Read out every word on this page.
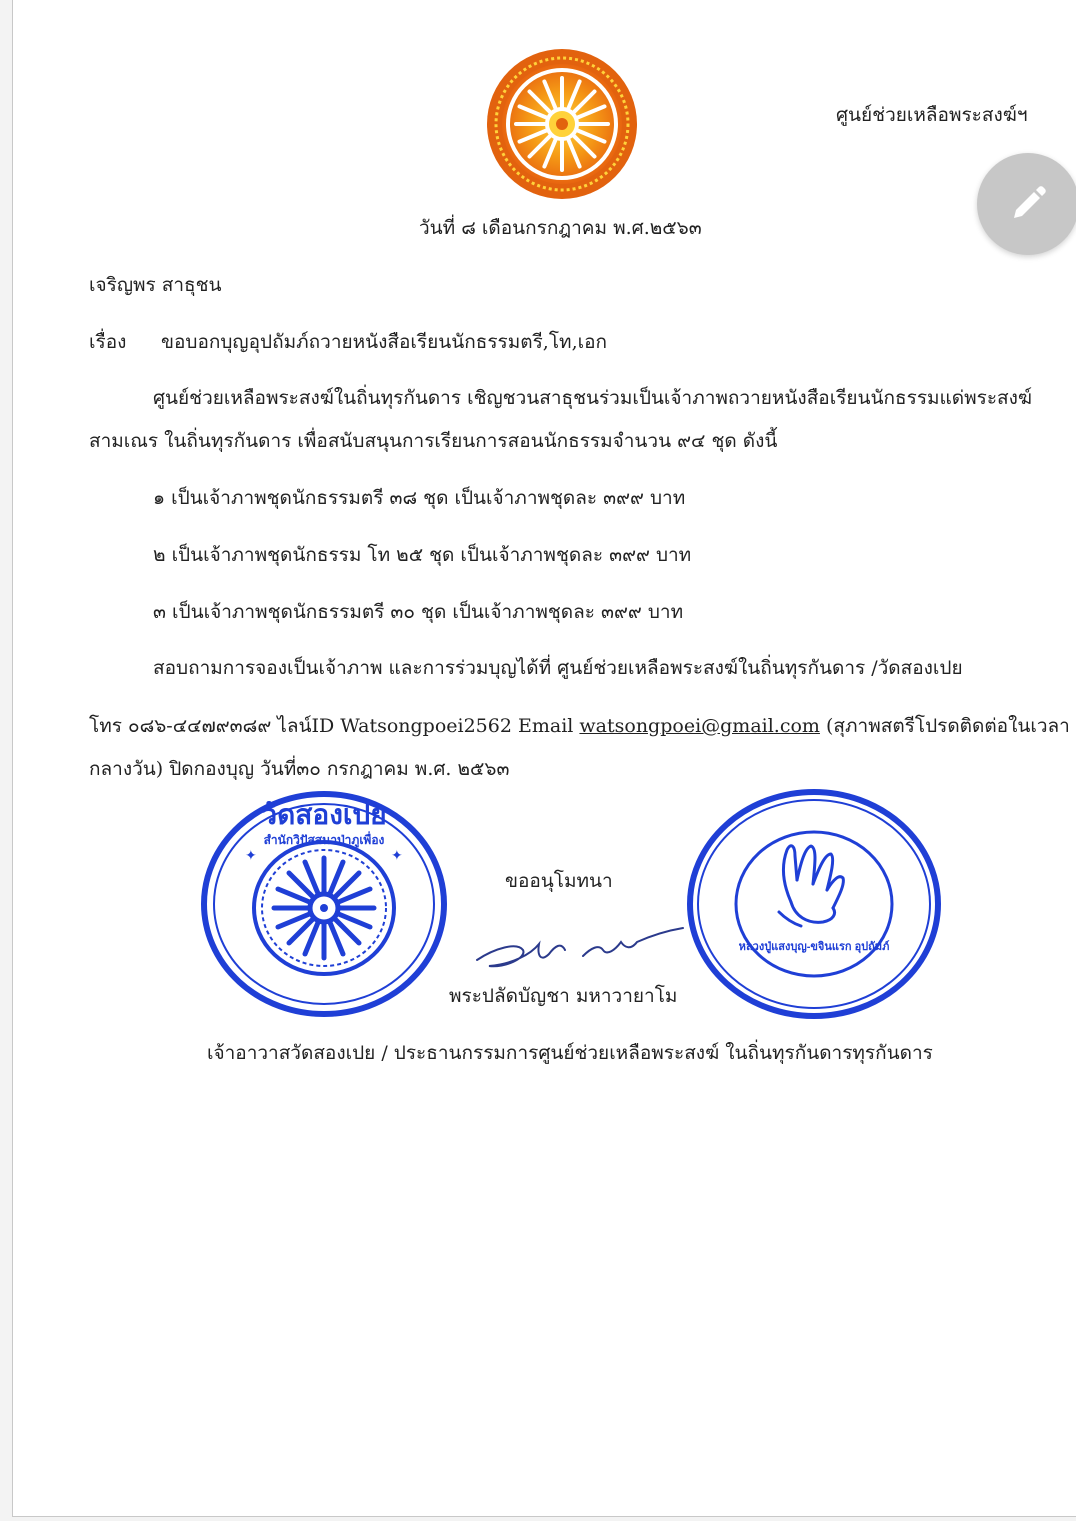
ศูนย์ช่วยเหลือพระสงฆ์ฯ
วันที่ ๘ เดือนกรกฎาคม พ.ศ.๒๕๖๓
เจริญพร สาธุชน
เรื่อง ขอบอกบุญอุปถัมภ์ถวายหนังสือเรียนนักธรรมตรี,โท,เอก
ศูนย์ช่วยเหลือพระสงฆ์ในถิ่นทุรกันดาร เชิญชวนสาธุชนร่วมเป็นเจ้าภาพถวายหนังสือเรียนนักธรรมแด่พระสงฆ์
สามเณร ในถิ่นทุรกันดาร เพื่อสนับสนุนการเรียนการสอนนักธรรมจำนวน ๙๔ ชุด ดังนี้
๑ เป็นเจ้าภาพชุดนักธรรมตรี ๓๘ ชุด เป็นเจ้าภาพชุดละ ๓๙๙ บาท
๒ เป็นเจ้าภาพชุดนักธรรม โท ๒๕ ชุด เป็นเจ้าภาพชุดละ ๓๙๙ บาท
๓ เป็นเจ้าภาพชุดนักธรรมตรี ๓๐ ชุด เป็นเจ้าภาพชุดละ ๓๙๙ บาท
สอบถามการจองเป็นเจ้าภาพ และการร่วมบุญได้ที่ ศูนย์ช่วยเหลือพระสงฆ์ในถิ่นทุรกันดาร /วัดสองเปย
โทร ๐๘๖-๔๔๗๙๓๘๙ ไลน์ID Watsongpoei2562 Email watsongpoei@gmail.com (สุภาพสตรีโปรดติดต่อในเวลา
กลางวัน) ปิดกองบุญ วันที่๓๐ กรกฎาคม พ.ศ. ๒๕๖๓
✦	✦
วัดสองเปย
สำนักวิปัสสนาป่าภูเพื่อง
หลวงปู่แสงบุญ-ขจินแรก อุปถัมภ์
ขออนุโมทนา
พระปลัดบัญชา มหาวายาโม
เจ้าอาวาสวัดสองเปย / ประธานกรรมการศูนย์ช่วยเหลือพระสงฆ์ ในถิ่นทุรกันดารทุรกันดาร
